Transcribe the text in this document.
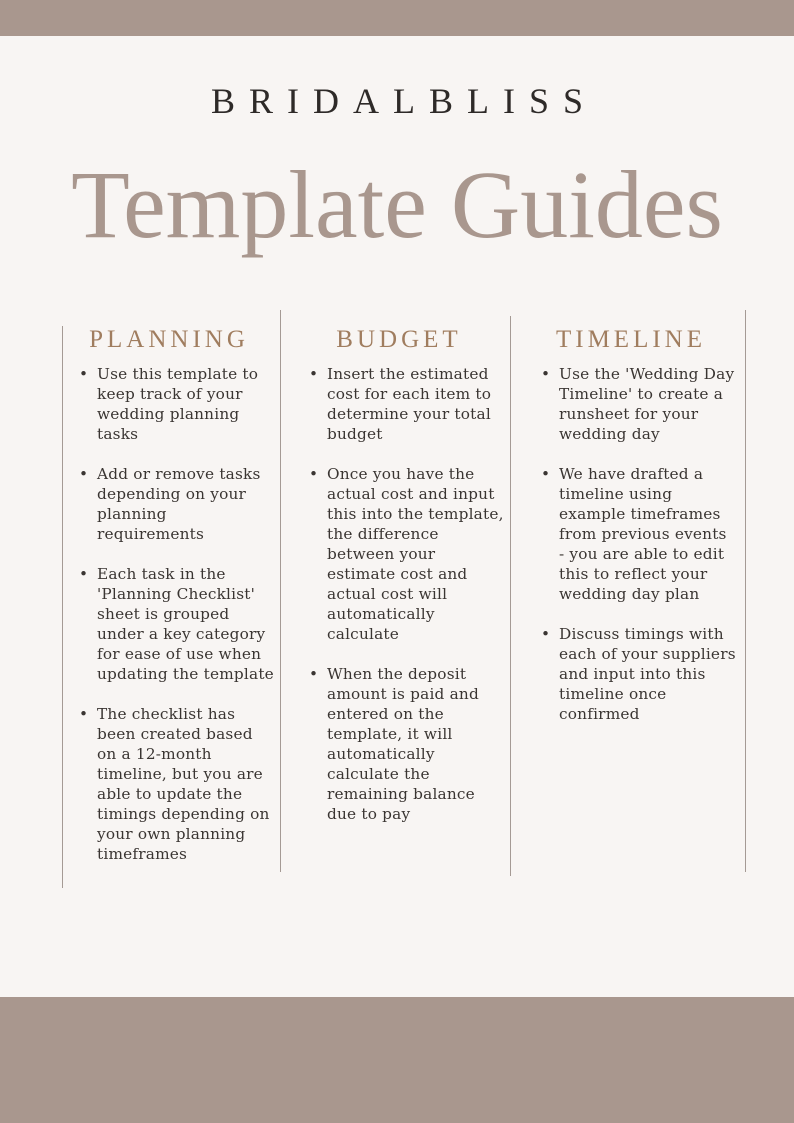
BRIDALBLISS
Template Guides
PLANNING
• Use this template to keep track of your wedding planning tasks
• Add or remove tasks depending on your planning requirements
• Each task in the 'Planning Checklist' sheet is grouped under a key category for ease of use when updating the template
• The checklist has been created based on a 12-month timeline, but you are able to update the timings depending on your own planning timeframes
BUDGET
• Insert the estimated cost for each item to determine your total budget
• Once you have the actual cost and input this into the template, the difference between your estimate cost and actual cost will automatically calculate
• When the deposit amount is paid and entered on the template, it will automatically calculate the remaining balance due to pay
TIMELINE
• Use the 'Wedding Day Timeline' to create a runsheet for your wedding day
• We have drafted a timeline using example timeframes from previous events - you are able to edit this to reflect your wedding day plan
• Discuss timings with each of your suppliers and input into this timeline once confirmed
